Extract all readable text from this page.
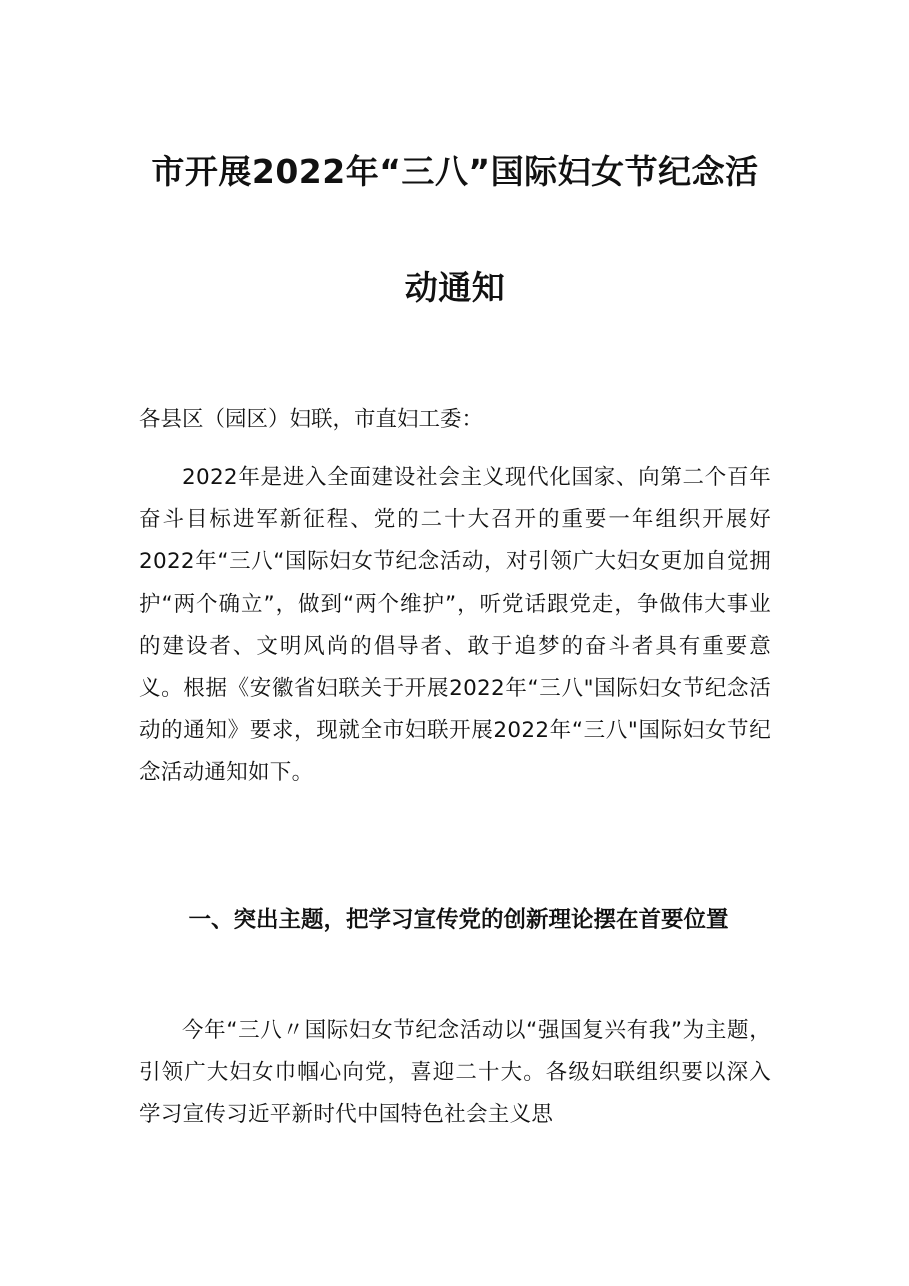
市开展2022年“三八”国际妇女节纪念活
动通知

各县区（园区）妇联，市直妇工委：

2022年是进入全面建设社会主义现代化国家、向第二个百年奋斗目标进军新征程、党的二十大召开的重要一年组织开展好2022年“三八“国际妇女节纪念活动，对引领广大妇女更加自觉拥护“两个确立”，做到“两个维护”，听党话跟党走，争做伟大事业的建设者、文明风尚的倡导者、敢于追梦的奋斗者具有重要意义。根据《安徽省妇联关于开展2022年“三八"国际妇女节纪念活动的通知》要求，现就全市妇联开展2022年“三八"国际妇女节纪念活动通知如下。

一、突出主题，把学习宣传党的创新理论摆在首要位置

今年“三八〃国际妇女节纪念活动以“强国复兴有我”为主题，引领广大妇女巾帼心向党，喜迎二十大。各级妇联组织要以深入学习宣传习近平新时代中国特色社会主义思
